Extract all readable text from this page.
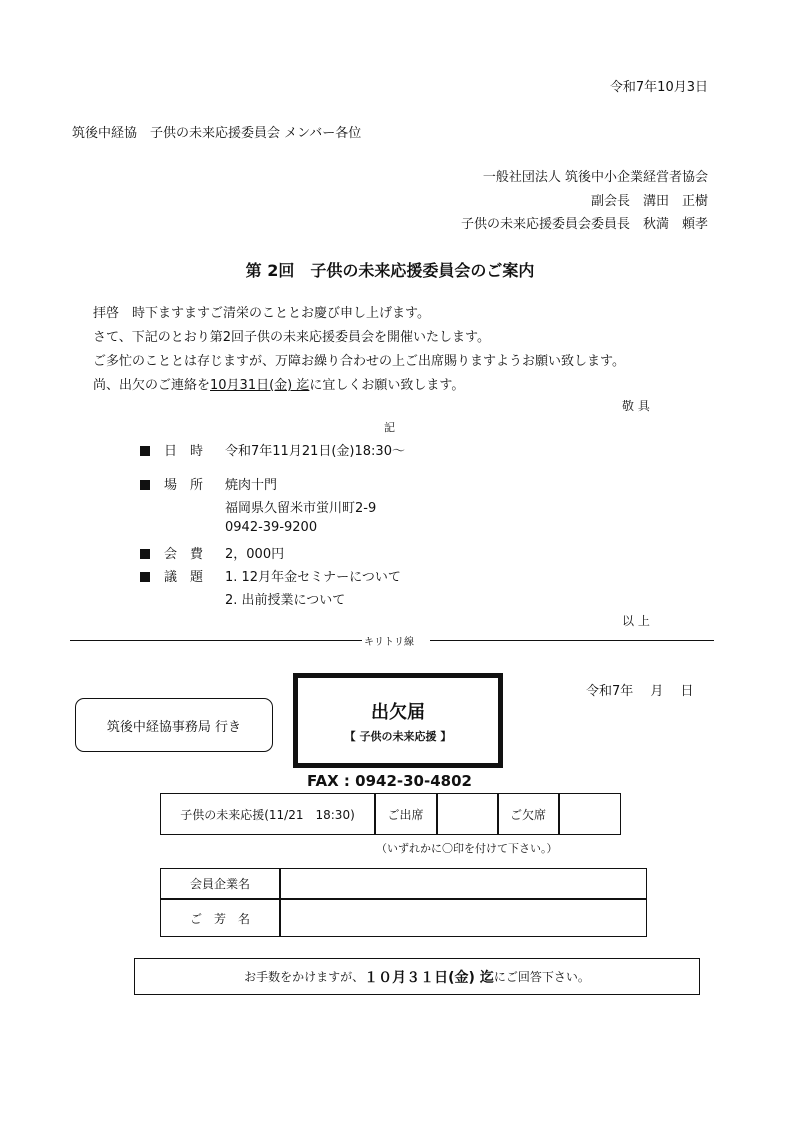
令和7年10月3日
筑後中経協　子供の未来応援委員会 メンバー各位
一般社団法人 筑後中小企業経営者協会
副会長　溝田　正樹
子供の未来応援委員会委員長　秋満　頼孝
第 2回　子供の未来応援委員会のご案内
拝啓　時下ますますご清栄のこととお慶び申し上げます。
さて、下記のとおり第2回子供の未来応援委員会を開催いたします。
ご多忙のこととは存じますが、万障お繰り合わせの上ご出席賜りますようお願い致します。
尚、出欠のご連絡を10月31日(金) 迄に宜しくお願い致します。
敬 具
記
日　時 令和7年11月21日(金)18:30〜
場　所 焼肉十門
福岡県久留米市蛍川町2-9
0942-39-9200
会　費 2，000円
議　題 1. 12月年金セミナーについて
2. 出前授業について
以 上
キリトリ線
筑後中経協事務局 行き
出欠届
【 子供の未来応援 】
令和7年　 月　 日
FAX : 0942-30-4802
子供の未来応援(11/21　18:30)	ご出席	ご欠席
（いずれかに〇印を付けて下さい。）
会員企業名
ご　芳　名
お手数をかけますが、 １０月３１日(金) 迄 にご回答下さい。
